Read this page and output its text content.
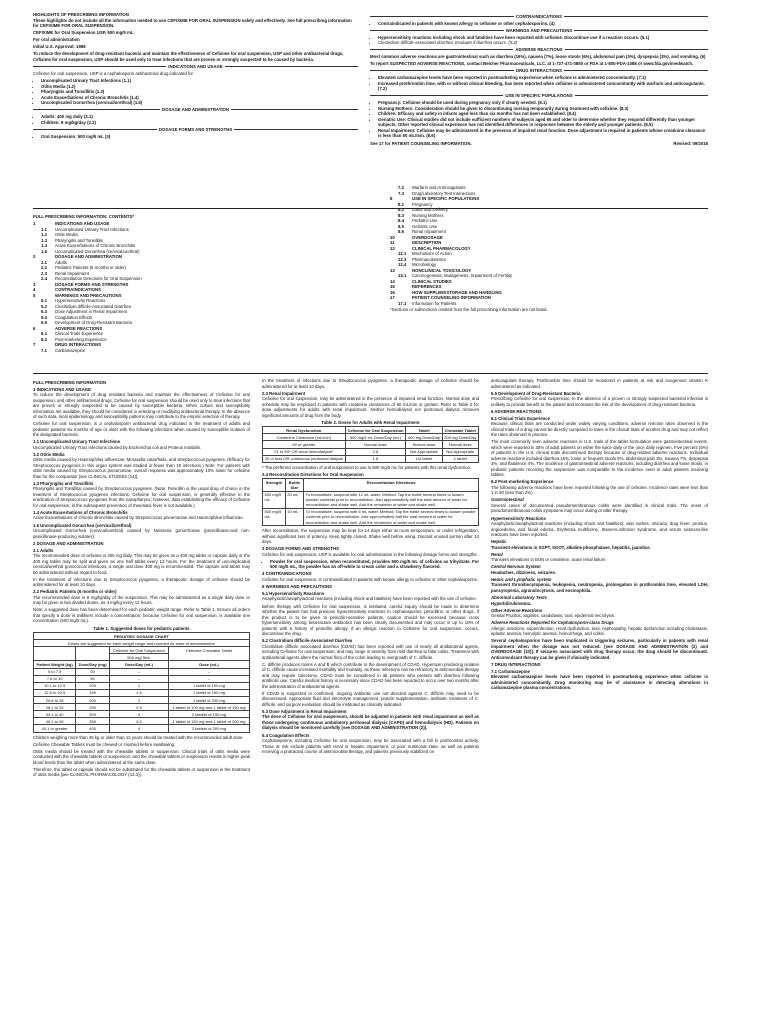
HIGHLIGHTS OF PRESCRIBING INFORMATION
These highlights do not include all the information needed to use CEFIXIME FOR ORAL SUSPENSION safely and effectively. See full prescribing information for CEFIXIME FOR ORAL SUSPENSION.

CEFIXIME for Oral Suspension USP, 500 mg/5 mL

For oral administration

Initial U.S. Approval: 1986

To reduce the development of drug-resistant bacteria and maintain the effectiveness of Cefixime for oral suspension, USP and other antibacterial drugs, Cefixime for oral suspension, USP should be used only to treat infections that are proven or strongly suspected to be caused by bacteria.

INDICATIONS AND USAGE

Cefixime for oral suspension, USP is a cephalosporin antibacterial drug indicated for

• Uncomplicated Urinary Tract Infections (1.1)
• Otitis Media (1.2)
• Pharyngitis and Tonsillitis (1.3)
• Acute Exacerbations of Chronic Bronchitis (1.4)
• Uncomplicated Gonorrhea (cervical/urethral) (1.5)
DOSAGE AND ADMINISTRATION
• Adults: 400 mg daily (2.1)
• Children: 8 mg/kg/day (2.2)
DOSAGE FORMS AND STRENGTHS
• Oral Suspension: 500 mg/5 mL (3)
CONTRAINDICATIONS
• Contraindicated in patients with known allergy to cefixime or other cephalosporins. (4)
WARNINGS AND PRECAUTIONS
• Hypersensitivity reactions including shock and fatalities have been reported with cefixime. Discontinue use if a reaction occurs. (5.1)
• Clostridium difficile-associated diarrhea: Evaluate if diarrhea occurs. (5.2)
ADVERSE REACTIONS

Most common adverse reactions are gastrointestinal such as diarrhea (16%), nausea (7%), loose stools (6%), abdominal pain (3%), dyspepsia (3%), and vomiting. (6)

To report SUSPECTED ADVERSE REACTIONS, contact Belcher Pharmaceuticals, LLC. at 1-727-471-0850 or FDA at 1-800-FDA-1088 or www.fda.gov/medwatch.

DRUG INTERACTIONS
• Elevated carbamazepine levels have been reported in postmarketing experience when cefixime is administered concomitantly. (7.1)
• Increased prothrombin time, with or without clinical bleeding, has been reported when cefixime is administered concomitantly with warfarin and anticoagulants. (7.2)
USE IN SPECIFIC POPULATIONS
• Pregnancy: Cefixime should be used during pregnancy only if clearly needed. (8.1)
• Nursing Mothers: Consideration should be given to discontinuing nursing temporarily during treatment with cefixime. (8.3)
• Children: Efficacy and safety in infants aged less than six months has not been established. (8.4)
• Geriatric Use: Clinical studies did not include sufficient numbers of subjects aged 65 and older to determine whether they respond differently than younger subjects. Other reported clinical experience has not identified differences in responses between the elderly and younger patients. (8.5)
• Renal Impairment: Cefixime may be administered in the presence of impaired renal function. Dose adjustment is required in patients whose creatinine clearance is less than 60 mL/min. (8.6)
See 17 for PATIENT COUNSELING INFORMATION.	Revised: 09/2016
FULL PRESCRIBING INFORMATION: CONTENTS*
1	INDICATIONS AND USAGE
1.1	Uncomplicated Urinary Tract Infections
1.2	Otitis Media
1.3	Pharyngitis and Tonsillitis
1.4	Acute Exacerbations of Chronic Bronchitis
1.5	Uncomplicated Gonorrhea (cervical/urethral)
2	DOSAGE AND ADMINISTRATION
2.1	Adults
2.2	Pediatric Patients (6 months or older)
2.3	Renal Impairment
2.4	Reconstitution Directions for Oral Suspension
3	DOSAGE FORMS AND STRENGTHS
4	CONTRAINDICATIONS
5	WARNINGS AND PRECAUTIONS
5.1	Hypersensitivity Reactions
5.2	Clostridium difficile-Associated Diarrhea
5.3	Dose Adjustment in Renal Impairment
5.4	Coagulation Effects
5.5	Development of Drug-Resistant Bacteria
6	ADVERSE REACTIONS
6.1	Clinical Trials Experience
6.2	Post-marketing Experience
7	DRUG INTERACTIONS
7.1	Carbamazepine
7.2	Warfarin and Anticoagulants
7.3	Drug/Laboratory Test Interactions
8	USE IN SPECIFIC POPULATIONS
8.1	Pregnancy
8.2	Labor and Delivery
8.3	Nursing Mothers
8.4	Pediatric Use
8.5	Geriatric Use
8.6	Renal Impairment
10	OVERDOSAGE
11	DESCRIPTION
12	CLINICAL PHARMACOLOGY
12.1	Mechanism of Action
12.3	Pharmacokinetics
12.4	Microbiology
13	NONCLINICAL TOXICOLOGY
13.1	Carcinogenesis, Mutagenesis, Impairment of Fertility
14	CLINICAL STUDIES
15	REFERENCES
16	HOW SUPPLIED/STORAGE AND HANDLING
17	PATIENT COUNSELING INFORMATION
17.1	Information for Patients
*Sections or subsections omitted from the full prescribing information are not listed.
FULL PRESCRIBING INFORMATION
1 INDICATIONS AND USAGE

To reduce the development of drug resistant bacteria and maintain the effectiveness of Cefixime for oral suspension, and other antibacterial drugs, Cefixime for oral suspension should be used only to treat infections that are proven or strongly suspected to be caused by susceptible bacteria. When culture and susceptibility information are available, they should be considered in selecting or modifying antibacterial therapy. In the absence of such data, local epidemiology and susceptibility patterns may contribute to the empiric selection of therapy.

Cefixime for oral suspension, is a cephalosporin antibacterial drug indicated in the treatment of adults and pediatric patients six months of age or older with the following infections when caused by susceptible isolates of the designated bacteria:

1.1 Uncomplicated Urinary Tract Infections

Uncomplicated Urinary Tract Infections caused by Escherichia coli and Proteus mirabilis.

1.2 Otitis Media

Otitis media caused by Haemophilus influenzae, Moraxella catarrhalis, and Streptococcus pyogenes. (Efficacy for Streptococcus pyogenes in this organ system was studied in fewer than 10 infections.) Note: For patients with otitis media caused by Streptococcus pneumoniae, overall response was approximately 10% lower for cefixime than for the comparator [see CLINICAL STUDIES (14)].

1.3 Pharyngitis and Tonsillitis

Pharyngitis and Tonsillitis caused by Streptococcus pyogenes. (Note: Penicillin is the usual drug of choice in the treatment of Streptococcus pyogenes infections. Cefixime for oral suspension, is generally effective in the eradication of Streptococcus pyogenes from the nasopharynx; however, data establishing the efficacy of Cefixime for oral suspension, in the subsequent prevention of rheumatic fever is not available.)

1.4 Acute Exacerbations of Chronic Bronchitis

Acute Exacerbations of Chronic Bronchitis caused by Streptococcus pneumoniae and Haemophilus influenzae.

1.5 Uncomplicated Gonorrhea (cervical/urethral)

Uncomplicated Gonorrhea (cervical/urethral) caused by Neisseria gonorrhoeae (penicillinase-and non-penicillinase-producing isolates).

2 DOSAGE AND ADMINISTRATION
2.1 Adults

The recommended dose of cefixime is 400 mg daily. This may be given as a 400 mg tablet or capsule daily or the 400 mg tablet may be split and given as one half tablet every 12 hours. For the treatment of uncomplicated cervical/urethral gonococcal infections, a single oral dose 400 mg is recommended. The capsule and tablet may be administered without regard to food.

In the treatment of infections due to Streptococcus pyogenes, a therapeutic dosage of cefixime should be administered for at least 10 days.

2.2 Pediatric Patients (6 months or older)

The recommended dose is 8 mg/kg/day of the suspension. This may be administered as a single daily dose or may be given in two divided doses, as 4 mg/kg every 12 hours.

Note: A suggested dose has been determined for each pediatric weight range. Refer to Table 1. Ensure all orders that specify a dose in milliliters include a concentration, because Cefixime for oral suspension, is available one concentration (500 mg/5 mL).

Table 1. Suggested doses for pediatric patients
PEDIATRIC DOSAGE CHART			
Doses are suggested for each weight range and rounded for ease of administration			
		Cefixime for Oral Suspension	Cefixime Chewable Tablet
		500 mg/ 5mL	
Patient Weight (kg)	Dose/Day (mg)	Dose/Day (mL)	Dose (mL)
5 to 7.5	50	--	--
7.6 to 10	80	--	--
10.1 to 12.5	100	1	1 tablet of 100 mg
12.6 to 20.5	150	1.5	1 tablet of 150 mg
20.6 to 28	200	2	1 tablet of 200 mg
28.1 to 33	250	2.5	1 tablet of 100 mg and 1 tablet of 150 mg
33.1 to 40	300	3	2 tablets of 150 mg
40.1 to 45	350	3.5	1 tablet of 150 mg and 1 tablet of 200 mg
45.1 or greater	400	4	2 tablets of 200 mg

Children weighing more than 45 kg or older than 12 years should be treated with the recommended adult dose.

Cefixime Chewable Tablets must be chewed or crushed before swallowing.

Otitis media should be treated with the chewable tablets or suspension. Clinical trials of otitis media were conducted with the chewable tablets or suspension, and the chewable tablets or suspension results in higher peak blood levels than the tablet when administered at the same dose.

Therefore, the tablet or capsule should not be substituted for the chewable tablets or suspension in the treatment of otitis media [see CLINICAL PHARMACOLOGY (12.3)].

In the treatment of infections due to Streptococcus pyogenes, a therapeutic dosage of cefixime should be administered for at least 10 days.

2.3 Renal Impairment

Cefixime for oral suspension, may be administered in the presence of impaired renal function. Normal dose and schedule may be employed in patients with creatinine clearances of 60 mL/min or greater. Refer to Table 2 for dose adjustments for adults with renal impairment. Neither hemodialysis nor peritoneal dialysis removes significant amounts of drug from the body.

Table 2. Doses for Adults with Renal Impairment
Renal Dysfunction	Cefixime for Oral Suspension	Tablet	Chewable Tablet
Creatinine Clearance (mL/min)	500 mg/5 mL Dose/Day (mL)	400 mg Dose/Day	200 mg Dose/Day
60 or greater	Normal dose	Normal dose	Normal dose
21 to 59* OR renal hemodialysis*	2.6	Not Appropriate	Not Appropriate
20 or less OR continuous peritoneal dialysis	1.8	1/2 tablet	1 tablet

* The preferred concentration of oral suspension to use is 500 mg/5 mL for patients with this renal dysfunction.

2.4 Reconstitution Directions for Oral Suspension
Strength	Bottle Size	Reconstitution Directions
500 mg/5 mL	20 mL	To reconstitute, suspend with 12 mL water. Method: Tap the bottle several times to loosen powder contents prior to reconstitution. Add approximately half the total amount of water for reconstitution and shake well. Add the remainder of water and shake well.
500 mg/5 mL	10 mL	To reconstitute, suspend with 6 mL water. Method: Tap the bottle several times to loosen powder contents prior to reconstitution. Add approximately half the total amount of water for reconstitution and shake well. Add the remainder of water and shake well.

After reconstitution, the suspension may be kept for 14 days either at room temperature, or under refrigeration, without significant loss of potency. Keep tightly closed. Shake well before using. Discard unused portion after 14 days.

3 DOSAGE FORMS AND STRENGTHS

Cefixime for oral suspension, USP is available for oral administration in the following dosage forms and strengths:

• Powder for oral suspension, when reconstituted, provides 500 mg/5 mL of cefixime as trihydrate. For 500 mg/5 mL, the powder has an off-white to cream color and a strawberry flavored.
4 CONTRAINDICATIONS

Cefixime for oral suspension, is contraindicated in patients with known allergy to cefixime or other cephalosporins.

5 WARNINGS AND PRECAUTIONS
5.1 Hypersensitivity Reactions

Anaphylactic/anaphylactoid reactions (including shock and fatalities) have been reported with the use of cefixime.

Before therapy with Cefixime for oral suspension, is instituted, careful inquiry should be made to determine whether the patient has had previous hypersensitivity reactions to cephalosporins, penicillins, or other drugs. If this product is to be given to penicillin-sensitive patients, caution should be exercised because cross hypersensitivity among beta-lactam antibiotics has been clearly documented and may occur in up to 10% of patients with a history of penicillin allergy. If an allergic reaction to Cefixime for oral suspension, occurs, discontinue the drug.

5.2 Clostridium difficile-Associated Diarrhea

Clostridium difficile associated diarrhea (CDAD) has been reported with use of nearly all antibacterial agents, including Cefixime for oral suspension, and may range in severity from mild diarrhea to fatal colitis. Treatment with antibacterial agents alters the normal flora of the colon leading to overgrowth of C. difficile.

C. difficile produces toxins A and B which contribute to the development of CDAD. Hypertoxin producing isolates of C. difficile cause increased morbidity and mortality, as these infections can be refractory to antimicrobial therapy and may require colectomy. CDAD must be considered in all patients who present with diarrhea following antibiotic use. Careful medical history is necessary since CDAD has been reported to occur over two months after the administration of antibacterial agents.

If CDAD is suspected or confirmed, ongoing antibiotic use not directed against C. difficile may need to be discontinued. Appropriate fluid and electrolyte management, protein supplementation, antibiotic treatment of C. difficile, and surgical evaluation should be instituted as clinically indicated.

5.3 Dose Adjustment in Renal Impairment

The dose of Cefixime for oral suspension, should be adjusted in patients with renal impairment as well as those undergoing continuous ambulatory peritoneal dialysis (CAPD) and hemodialysis (HD). Patients on dialysis should be monitored carefully [see DOSAGE AND ADMINISTRATION (2)].

5.4 Coagulation Effects

Cephalosporins, including Cefixime for oral suspension, may be associated with a fall in prothrombin activity. Those at risk include patients with renal or hepatic impairment, or poor nutritional state, as well as patients receiving a protracted course of antimicrobial therapy, and patients previously stabilized on

anticoagulant therapy. Prothrombin time should be monitored in patients at risk and exogenous vitamin K administered as indicated.

5.5 Development of Drug-Resistant Bacteria

Prescribing Cefixime for oral suspension, in the absence of a proven or strongly suspected bacterial infection is unlikely to provide benefit to the patient and increases the risk of the development of drug-resistant bacteria.

6 ADVERSE REACTIONS
6.1 Clinical Trials Experience

Because clinical trials are conducted under widely varying conditions, adverse reaction rates observed in the clinical trials of a drug cannot be directly compared to rates in the clinical trials of another drug and may not reflect the rates observed in practice.

The most commonly seen adverse reactions in U.S. trials of the tablet formulation were gastrointestinal events, which were reported in 30% of adult patients on either the twice daily or the once daily regimen. Five percent (5%) of patients in the U.S. clinical trials discontinued therapy because of drug-related adverse reactions. Individual adverse reactions included diarrhea 16%, loose or frequent stools 6%, abdominal pain 3%, nausea 7%, dyspepsia 3%, and flatulence 4%. The incidence of gastrointestinal adverse reactions, including diarrhea and loose stools, in pediatric patients receiving the suspension was comparable to the incidence seen in adult patients receiving tablets.

6.2 Post-marketing Experience

The following adverse reactions have been reported following the use of cefixime. Incidence rates were less than 1 in 50 (less than 2%).

Gastrointestinal

Several cases of documented pseudomembranous colitis were identified in clinical trials. The onset of pseudomembranous colitis symptoms may occur during or after therapy.

Hypersensitivity Reactions

Anaphylactic/anaphylactoid reactions (including shock and fatalities), skin rashes, urticaria, drug fever, pruritus, angioedema, and facial edema. Erythema multiforme, Stevens-Johnson syndrome, and serum sickness-like reactions have been reported.

Hepatic

Transient elevations in SGPT, SGOT, alkaline phosphatase, hepatitis, jaundice.

Renal

Transient elevations in BUN or creatinine, acute renal failure.

Central Nervous System

Headaches, dizziness, seizures.

Hemic and Lymphatic system

Transient thrombocytopenia, leukopenia, neutropenia, prolongation in prothrombin time, elevated LDH, pancytopenia, agranulocytosis, and eosinophilia.

Abnormal Laboratory Tests

Hyperbilirubinemia.

Other Adverse Reactions

Genital Pruritus, vaginitis, candidiasis, toxic epidermal necrolysis.

Adverse Reactions Reported for Cephalosporin-class Drugs

Allergic reactions, superinfection, renal dysfunction, toxic nephropathy, hepatic dysfunction including cholestasis, aplastic anemia, hemolytic anemia, hemorrhage, and colitis.

Several cephalosporins have been implicated in triggering seizures, particularly in patients with renal impairment when the dosage was not reduced. [see DOSAGE AND ADMINISTRATION (2) and OVERDOSAGE (10)]. If seizures associated with drug therapy occur, the drug should be discontinued. Anticonvulsant therapy can be given if clinically indicated.

7 DRUG INTERACTIONS
7.1 Carbamazepine

Elevated carbamazepine levels have been reported in postmarketing experience when cefixime is administered concomitantly. Drug monitoring may be of assistance in detecting alterations in carbamazepine plasma concentrations.
